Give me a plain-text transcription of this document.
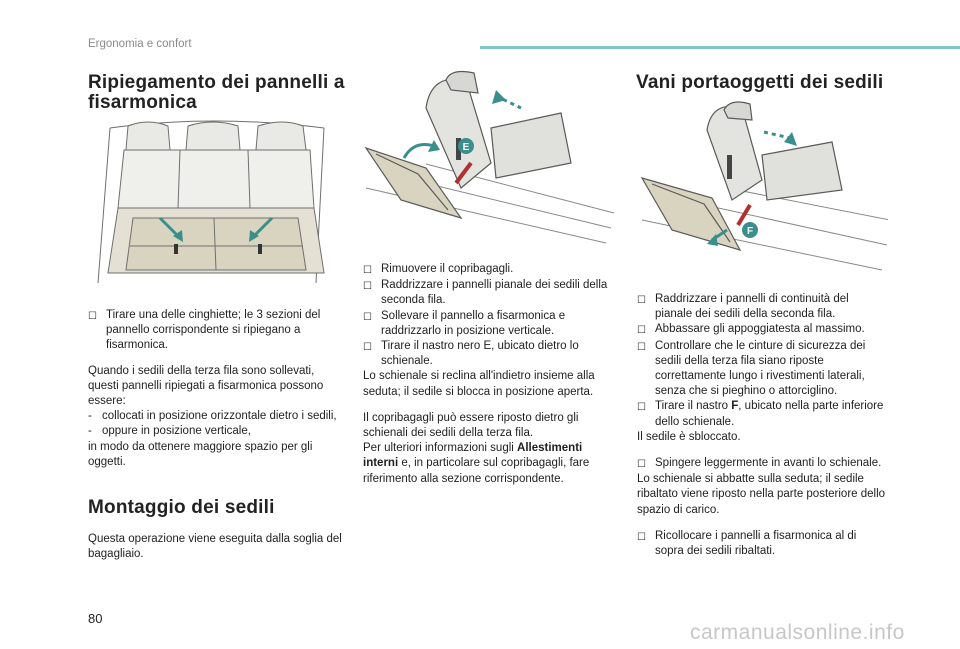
Ergonomia e confort
Ripiegamento dei pannelli a fisarmonica
☐ Tirare una delle cinghiette; le 3 sezioni del pannello corrispondente si ripiegano a fisarmonica.
Quando i sedili della terza fila sono sollevati, questi pannelli ripiegati a fisarmonica possono essere:
- collocati in posizione orizzontale dietro i sedili,
- oppure in posizione verticale,
in modo da ottenere maggiore spazio per gli oggetti.
Montaggio dei sedili
Questa operazione viene eseguita dalla soglia del bagagliaio.
E
☐ Rimuovere il copribagagli.
☐ Raddrizzare i pannelli pianale dei sedili della seconda fila.
☐ Sollevare il pannello a fisarmonica e raddrizzarlo in posizione verticale.
☐ Tirare il nastro nero E, ubicato dietro lo schienale.
Lo schienale si reclina all'indietro insieme alla seduta; il sedile si blocca in posizione aperta.
Il copribagagli può essere riposto dietro gli schienali dei sedili della terza fila.
Per ulteriori informazioni sugli Allestimenti interni e, in particolare sul copribagagli, fare riferimento alla sezione corrispondente.
Vani portaoggetti dei sedili
F
☐ Raddrizzare i pannelli di continuità del pianale dei sedili della seconda fila.
☐ Abbassare gli appoggiatesta al massimo.
☐ Controllare che le cinture di sicurezza dei sedili della terza fila siano riposte correttamente lungo i rivestimenti laterali, senza che si pieghino o attorciglino.
☐ Tirare il nastro F, ubicato nella parte inferiore dello schienale.
Il sedile è sbloccato.
☐ Spingere leggermente in avanti lo schienale.
Lo schienale si abbatte sulla seduta; il sedile ribaltato viene riposto nella parte posteriore dello spazio di carico.
☐ Ricollocare i pannelli a fisarmonica al di sopra dei sedili ribaltati.
80
carmanualsonline.info
